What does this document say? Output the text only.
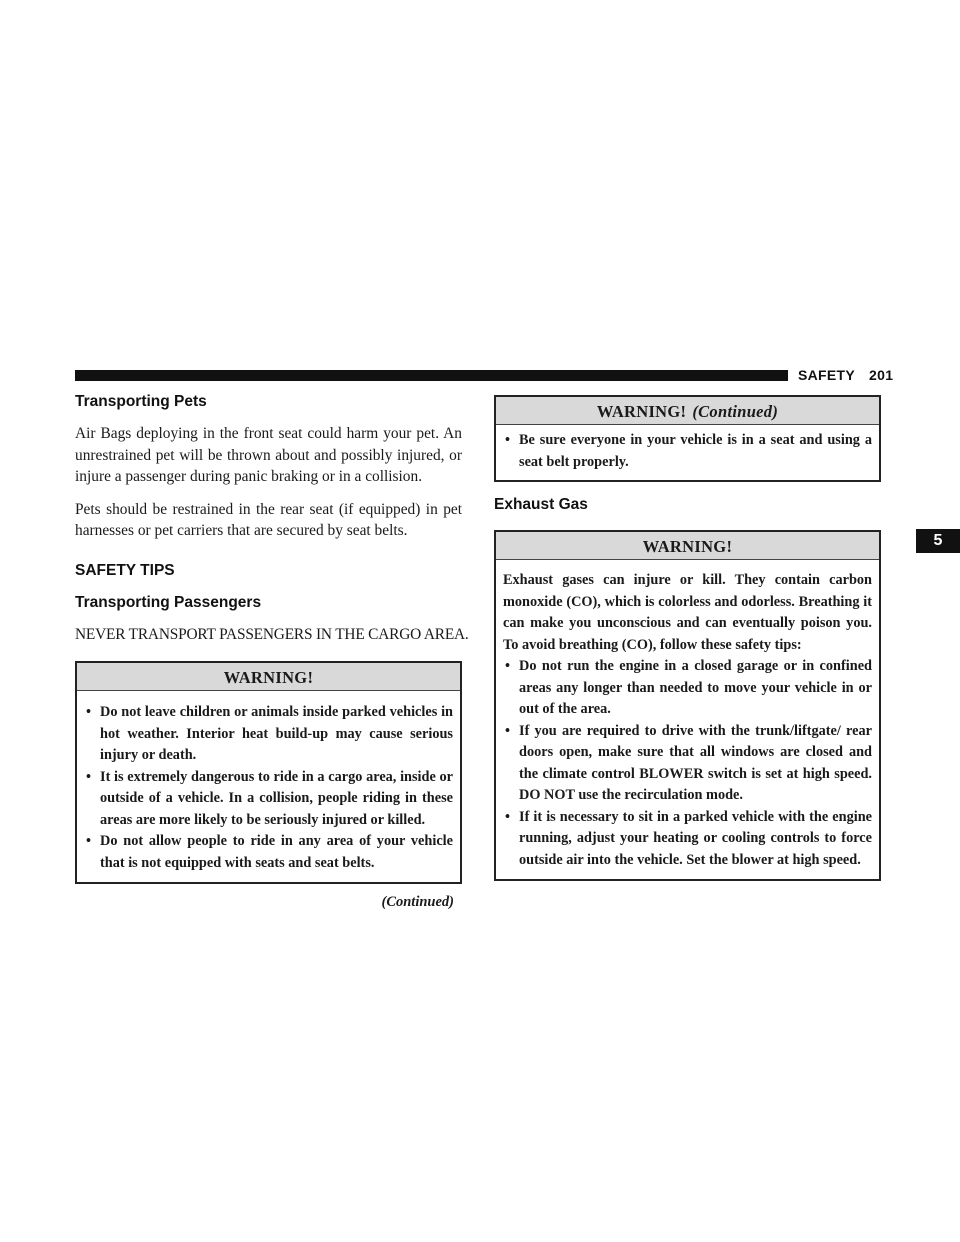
SAFETY 201
5
Transporting Pets

Air Bags deploying in the front seat could harm your pet. An unrestrained pet will be thrown about and possibly injured, or injure a passenger during panic braking or in a collision.

Pets should be restrained in the rear seat (if equipped) in pet harnesses or pet carriers that are secured by seat belts.

SAFETY TIPS
Transporting Passengers

NEVER TRANSPORT PASSENGERS IN THE CARGO AREA.

WARNING!
• Do not leave children or animals inside parked vehicles in hot weather. Interior heat build-up may cause serious injury or death.
• It is extremely dangerous to ride in a cargo area, inside or outside of a vehicle. In a collision, people riding in these areas are more likely to be seriously injured or killed.
• Do not allow people to ride in any area of your vehicle that is not equipped with seats and seat belts.
(Continued)
WARNING! (Continued)
• Be sure everyone in your vehicle is in a seat and using a seat belt properly.
Exhaust Gas
WARNING!

Exhaust gases can injure or kill. They contain carbon monoxide (CO), which is colorless and odorless. Breathing it can make you unconscious and can eventually poison you. To avoid breathing (CO), follow these safety tips:

• Do not run the engine in a closed garage or in confined areas any longer than needed to move your vehicle in or out of the area.
• If you are required to drive with the trunk/liftgate/ rear doors open, make sure that all windows are closed and the climate control BLOWER switch is set at high speed. DO NOT use the recirculation mode.
• If it is necessary to sit in a parked vehicle with the engine running, adjust your heating or cooling controls to force outside air into the vehicle. Set the blower at high speed.
